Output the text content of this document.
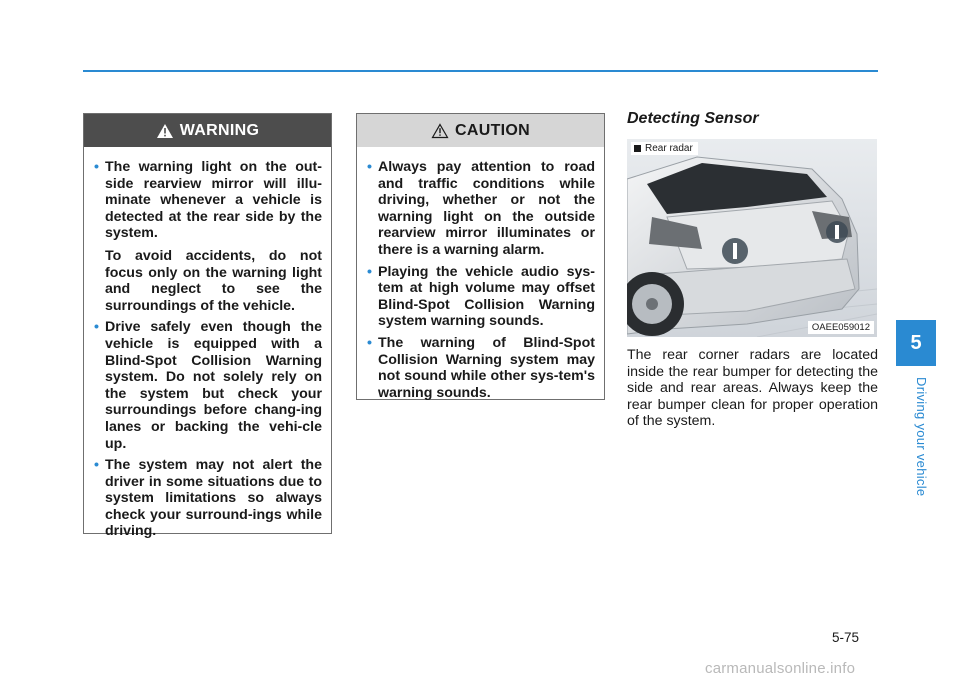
WARNING
• The warning light on the out-side rearview mirror will illu-minate whenever a vehicle is detected at the rear side by the system.

To avoid accidents, do not focus only on the warning light and neglect to see the surroundings of the vehicle.

• Drive safely even though the vehicle is equipped with a Blind-Spot Collision Warning system. Do not solely rely on the system but check your surroundings before chang-ing lanes or backing the vehi-cle up.

• The system may not alert the driver in some situations due to system limitations so always check your surround-ings while driving.

CAUTION
• Always pay attention to road and traffic conditions while driving, whether or not the warning light on the outside rearview mirror illuminates or there is a warning alarm.

• Playing the vehicle audio sys-tem at high volume may offset Blind-Spot Collision Warning system warning sounds.

• The warning of Blind-Spot Collision Warning system may not sound while other sys-tem's warning sounds.

Detecting Sensor
Rear radar
OAEE059012
The rear corner radars are located inside the rear bumper for detecting the side and rear areas. Always keep the rear bumper clean for proper operation of the system.
5
Driving your vehicle
5-75
carmanualsonline.info
